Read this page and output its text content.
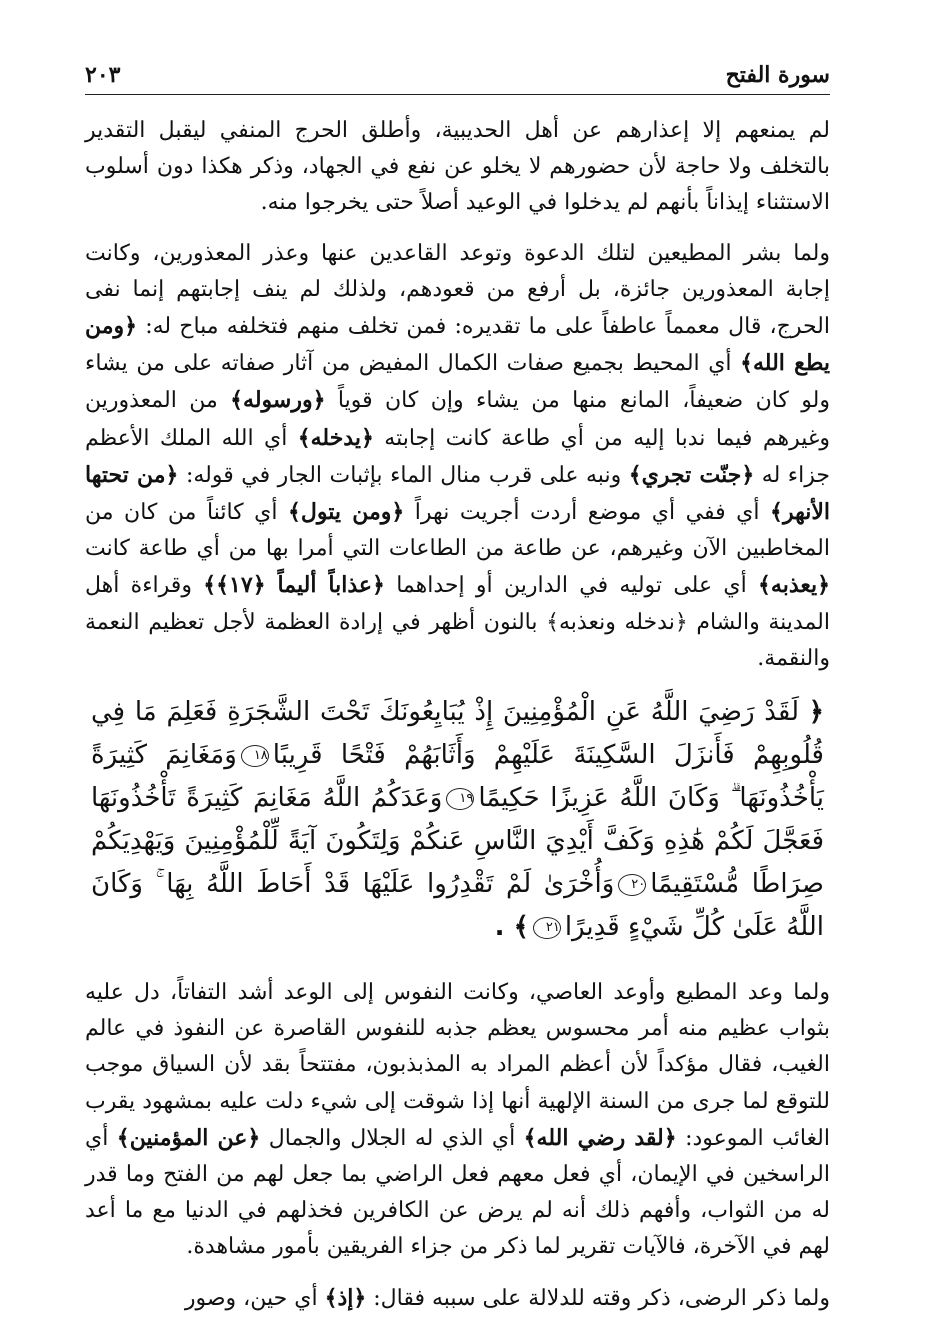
سورة الفتح
٢٠٣

لم يمنعهم إلا إعذارهم عن أهل الحديبية، وأطلق الحرج المنفي ليقبل التقدير بالتخلف ولا حاجة لأن حضورهم لا يخلو عن نفع في الجهاد، وذكر هكذا دون أسلوب الاستثناء إيذاناً بأنهم لم يدخلوا في الوعيد أصلاً حتى يخرجوا منه.

ولما بشر المطيعين لتلك الدعوة وتوعد القاعدين عنها وعذر المعذورين، وكانت إجابة المعذورين جائزة، بل أرفع من قعودهم، ولذلك لم ينف إجابتهم إنما نفى الحرج، قال معمماً عاطفاً على ما تقديره: فمن تخلف منهم فتخلفه مباح له: ﴿ومن يطع الله﴾ أي المحيط بجميع صفات الكمال المفيض من آثار صفاته على من يشاء ولو كان ضعيفاً، المانع منها من يشاء وإن كان قوياً ﴿ورسوله﴾ من المعذورين وغيرهم فيما ندبا إليه من أي طاعة كانت إجابته ﴿يدخله﴾ أي الله الملك الأعظم جزاء له ﴿جنّت تجري﴾ ونبه على قرب منال الماء بإثبات الجار في قوله: ﴿من تحتها الأنهر﴾ أي ففي أي موضع أردت أجريت نهراً ﴿ومن يتول﴾ أي كائناً من كان من المخاطبين الآن وغيرهم، عن طاعة من الطاعات التي أمرا بها من أي طاعة كانت ﴿يعذبه﴾ أي على توليه في الدارين أو إحداهما ﴿عذاباً أليماً ﴿١٧﴾﴾ وقراءة أهل المدينة والشام ﴿ندخله ونعذبه﴾ بالنون أظهر في إرادة العظمة لأجل تعظيم النعمة والنقمة.

﴿ لَقَدْ رَضِيَ اللَّهُ عَنِ الْمُؤْمِنِينَ إِذْ يُبَايِعُونَكَ تَحْتَ الشَّجَرَةِ فَعَلِمَ مَا فِي قُلُوبِهِمْ فَأَنزَلَ السَّكِينَةَ عَلَيْهِمْ وَأَثَابَهُمْ فَتْحًا قَرِيبًا١٨وَمَغَانِمَ كَثِيرَةً يَأْخُذُونَهَا ۗ وَكَانَ اللَّهُ عَزِيزًا حَكِيمًا١٩وَعَدَكُمُ اللَّهُ مَغَانِمَ كَثِيرَةً تَأْخُذُونَهَا فَعَجَّلَ لَكُمْ هَٰذِهِ وَكَفَّ أَيْدِيَ النَّاسِ عَنكُمْ وَلِتَكُونَ آيَةً لِّلْمُؤْمِنِينَ وَيَهْدِيَكُمْ صِرَاطًا مُّسْتَقِيمًا٢٠وَأُخْرَىٰ لَمْ تَقْدِرُوا عَلَيْهَا قَدْ أَحَاطَ اللَّهُ بِهَا ۚ وَكَانَ اللَّهُ عَلَىٰ كُلِّ شَيْءٍ قَدِيرًا٢١﴾ .

ولما وعد المطيع وأوعد العاصي، وكانت النفوس إلى الوعد أشد التفاتاً، دل عليه بثواب عظيم منه أمر محسوس يعظم جذبه للنفوس القاصرة عن النفوذ في عالم الغيب، فقال مؤكداً لأن أعظم المراد به المذبذبون، مفتتحاً بقد لأن السياق موجب للتوقع لما جرى من السنة الإلهية أنها إذا شوقت إلى شيء دلت عليه بمشهود يقرب الغائب الموعود: ﴿لقد رضي الله﴾ أي الذي له الجلال والجمال ﴿عن المؤمنين﴾ أي الراسخين في الإيمان، أي فعل معهم فعل الراضي بما جعل لهم من الفتح وما قدر له من الثواب، وأفهم ذلك أنه لم يرض عن الكافرين فخذلهم في الدنيا مع ما أعد لهم في الآخرة، فالآيات تقرير لما ذكر من جزاء الفريقين بأمور مشاهدة.

ولما ذكر الرضى، ذكر وقته للدلالة على سببه فقال: ﴿إذ﴾ أي حين، وصور
